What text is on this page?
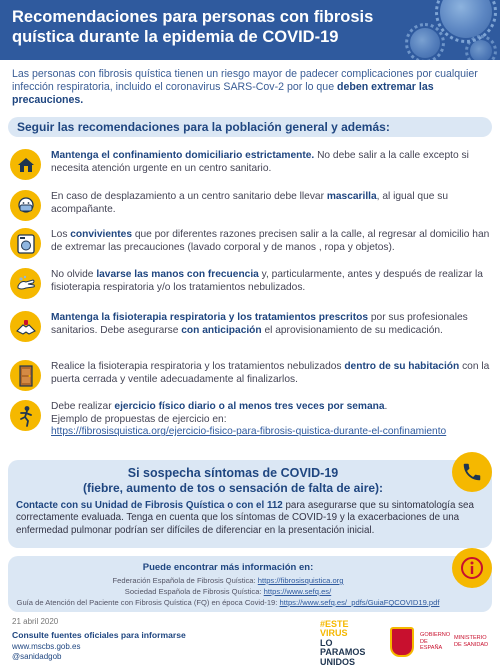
Recomendaciones para personas con fibrosis quística durante la epidemia de COVID-19
Las personas con fibrosis quística tienen un riesgo mayor de padecer complicaciones por cualquier infección respiratoria, incluido el coronavirus SARS-Cov-2 por lo que deben extremar las precauciones.
Seguir las recomendaciones para la población general y además:
Mantenga el confinamiento domiciliario estrictamente. No debe salir a la calle excepto si necesita atención urgente en un centro sanitario.
En caso de desplazamiento a un centro sanitario debe llevar mascarilla, al igual que su acompañante.
Los convivientes que por diferentes razones precisen salir a la calle, al regresar al domicilio han de extremar las precauciones (lavado corporal y de manos , ropa y objetos).
No olvide lavarse las manos con frecuencia y, particularmente, antes y después de realizar la fisioterapia respiratoria y/o los tratamientos nebulizados.
Mantenga la fisioterapia respiratoria y los tratamientos prescritos por sus profesionales sanitarios. Debe asegurarse con anticipación el aprovisionamiento de su medicación.
Realice la fisioterapia respiratoria y los tratamientos nebulizados dentro de su habitación con la puerta cerrada y ventile adecuadamente al finalizarlos.
Debe realizar ejercicio físico diario o al menos tres veces por semana.
Ejemplo de propuestas de ejercicio en:
https://fibrosisquistica.org/ejercicio-fisico-para-fibrosis-quistica-durante-el-confinamiento
Si sospecha síntomas de COVID-19
(fiebre, aumento de tos o sensación de falta de aire):
Contacte con su Unidad de Fibrosis Quística o con el 112 para asegurarse que su sintomatología sea correctamente evaluada. Tenga en cuenta que los síntomas de COVID-19 y la exacerbaciones de una enfermedad pulmonar podrían ser difíciles de diferenciar en la presentación inicial.
Puede encontrar más información en:
Federación Española de Fibrosis Quística: https://fibrosisquistica.org
Sociedad Española de Fibrosis Quística: https://www.sefq.es/
Guía de Atención del Paciente con Fibrosis Quística (FQ) en época Covid-19: https://www.sefq.es/_pdfs/GuiaFQCOVID19.pdf
21 abril 2020
Consulte fuentes oficiales para informarse
www.mscbs.gob.es
@sanidadgob
#ESTE
VIRUS
LO
PARAMOS
UNIDOS
GOBIERNO DE ESPAÑA
MINISTERIO DE SANIDAD
